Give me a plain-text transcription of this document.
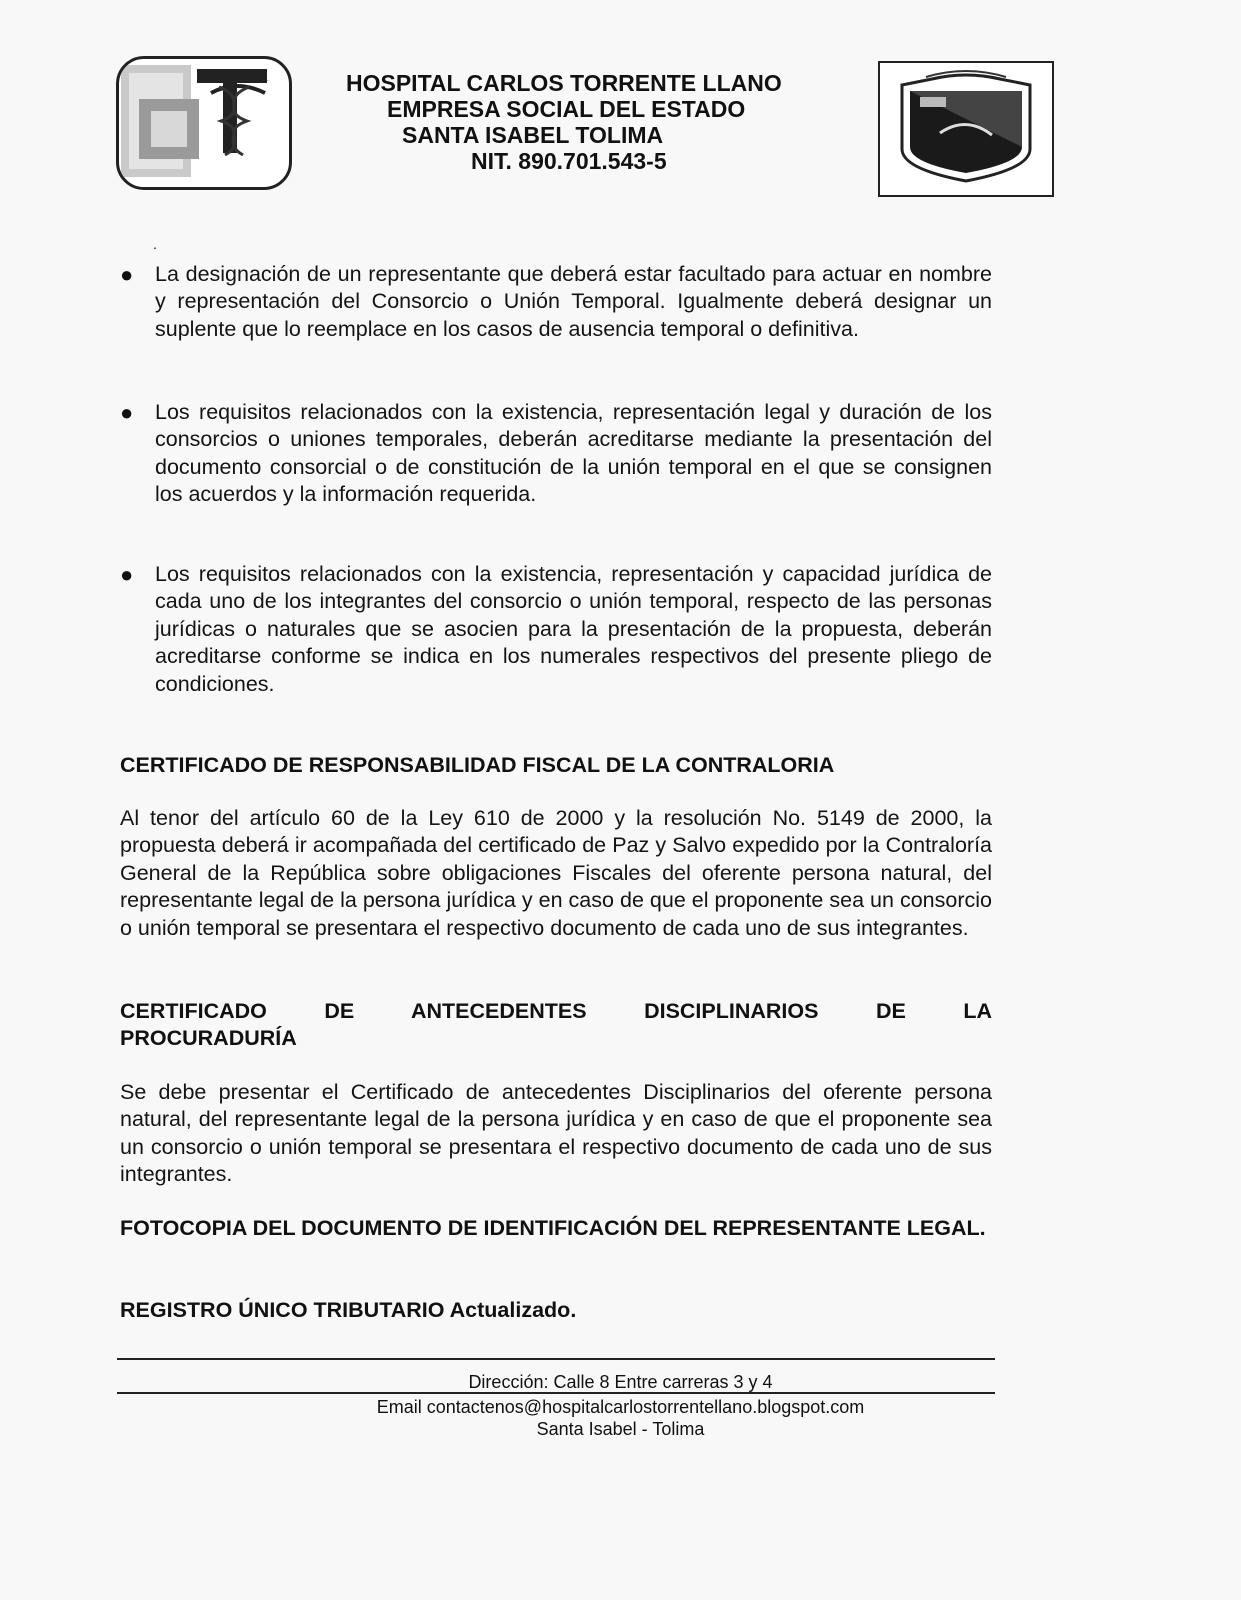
HOSPITAL CARLOS TORRENTE LLANO
EMPRESA SOCIAL DEL ESTADO
SANTA ISABEL TOLIMA
NIT. 890.701.543-5
.
●	La designación de un representante que deberá estar facultado para actuar en nombre y representación del Consorcio o Unión Temporal. Igualmente deberá designar un suplente que lo reemplace en los casos de ausencia temporal o definitiva.
●	Los requisitos relacionados con la existencia, representación legal y duración de los consorcios o uniones temporales, deberán acreditarse mediante la presentación del documento consorcial o de constitución de la unión temporal en el que se consignen los acuerdos y la información requerida.
●	Los requisitos relacionados con la existencia, representación y capacidad jurídica de cada uno de los integrantes del consorcio o unión temporal, respecto de las personas jurídicas o naturales que se asocien para la presentación de la propuesta, deberán acreditarse conforme se indica en los numerales respectivos del presente pliego de condiciones.
CERTIFICADO DE RESPONSABILIDAD FISCAL DE LA CONTRALORIA
Al tenor del artículo 60 de la Ley 610 de 2000 y la resolución No. 5149 de 2000, la propuesta deberá ir acompañada del certificado de Paz y Salvo expedido por la Contraloría General de la República sobre obligaciones Fiscales del oferente persona natural, del representante legal de la persona jurídica y en caso de que el proponente sea un consorcio o unión temporal se presentara el respectivo documento de cada uno de sus integrantes.
CERTIFICADO DE ANTECEDENTES DISCIPLINARIOS DE LA
PROCURADURÍA
Se debe presentar el Certificado de antecedentes Disciplinarios del oferente persona natural, del representante legal de la persona jurídica y en caso de que el proponente sea un consorcio o unión temporal se presentara el respectivo documento de cada uno de sus integrantes.
FOTOCOPIA DEL DOCUMENTO DE IDENTIFICACIÓN DEL REPRESENTANTE LEGAL.
REGISTRO ÚNICO TRIBUTARIO Actualizado.
Dirección: Calle 8 Entre carreras 3 y 4
Email contactenos@hospitalcarlostorrentellano.blogspot.com
Santa Isabel - Tolima
